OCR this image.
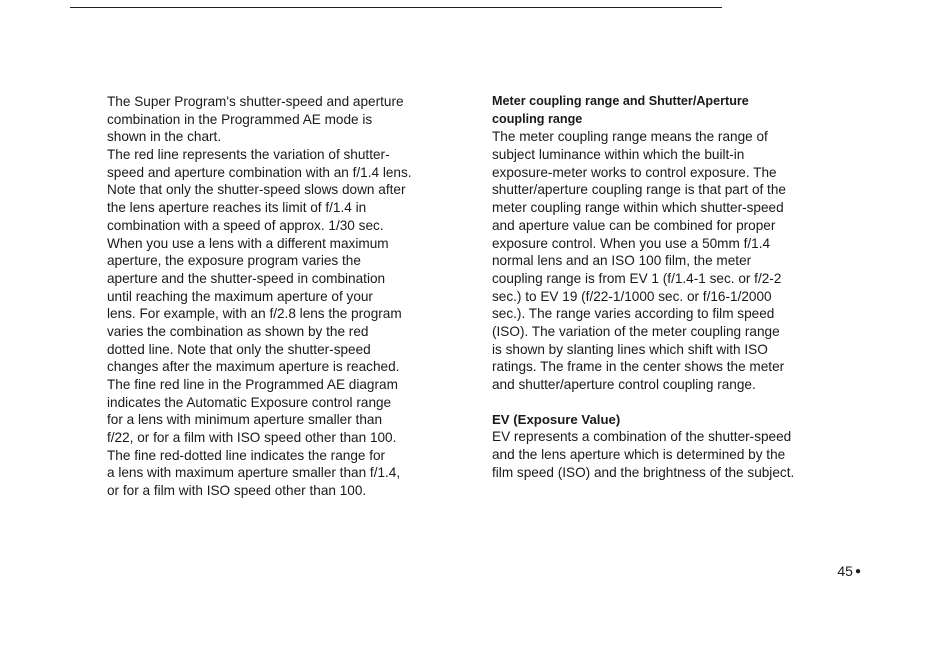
The Super Program's shutter-speed and aperture
combination in the Programmed AE mode is
shown in the chart.
The red line represents the variation of shutter-
speed and aperture combination with an f/1.4 lens.
Note that only the shutter-speed slows down after
the lens aperture reaches its limit of f/1.4 in
combination with a speed of approx. 1/30 sec.
When you use a lens with a different maximum
aperture, the exposure program varies the
aperture and the shutter-speed in combination
until reaching the maximum aperture of your
lens. For example, with an f/2.8 lens the program
varies the combination as shown by the red
dotted line. Note that only the shutter-speed
changes after the maximum aperture is reached.
The fine red line in the Programmed AE diagram
indicates the Automatic Exposure control range
for a lens with minimum aperture smaller than
f/22, or for a film with ISO speed other than 100.
The fine red-dotted line indicates the range for
a lens with maximum aperture smaller than f/1.4,
or for a film with ISO speed other than 100.
Meter coupling range and Shutter/Aperture
coupling range
The meter coupling range means the range of
subject luminance within which the built-in
exposure-meter works to control exposure. The
shutter/aperture coupling range is that part of the
meter coupling range within which shutter-speed
and aperture value can be combined for proper
exposure control. When you use a 50mm f/1.4
normal lens and an ISO 100 film, the meter
coupling range is from EV 1 (f/1.4-1 sec. or f/2-2
sec.) to EV 19 (f/22-1/1000 sec. or f/16-1/2000
sec.). The range varies according to film speed
(ISO). The variation of the meter coupling range
is shown by slanting lines which shift with ISO
ratings. The frame in the center shows the meter
and shutter/aperture control coupling range.
EV (Exposure Value)
EV represents a combination of the shutter-speed
and the lens aperture which is determined by the
film speed (ISO) and the brightness of the subject.
45 ●
